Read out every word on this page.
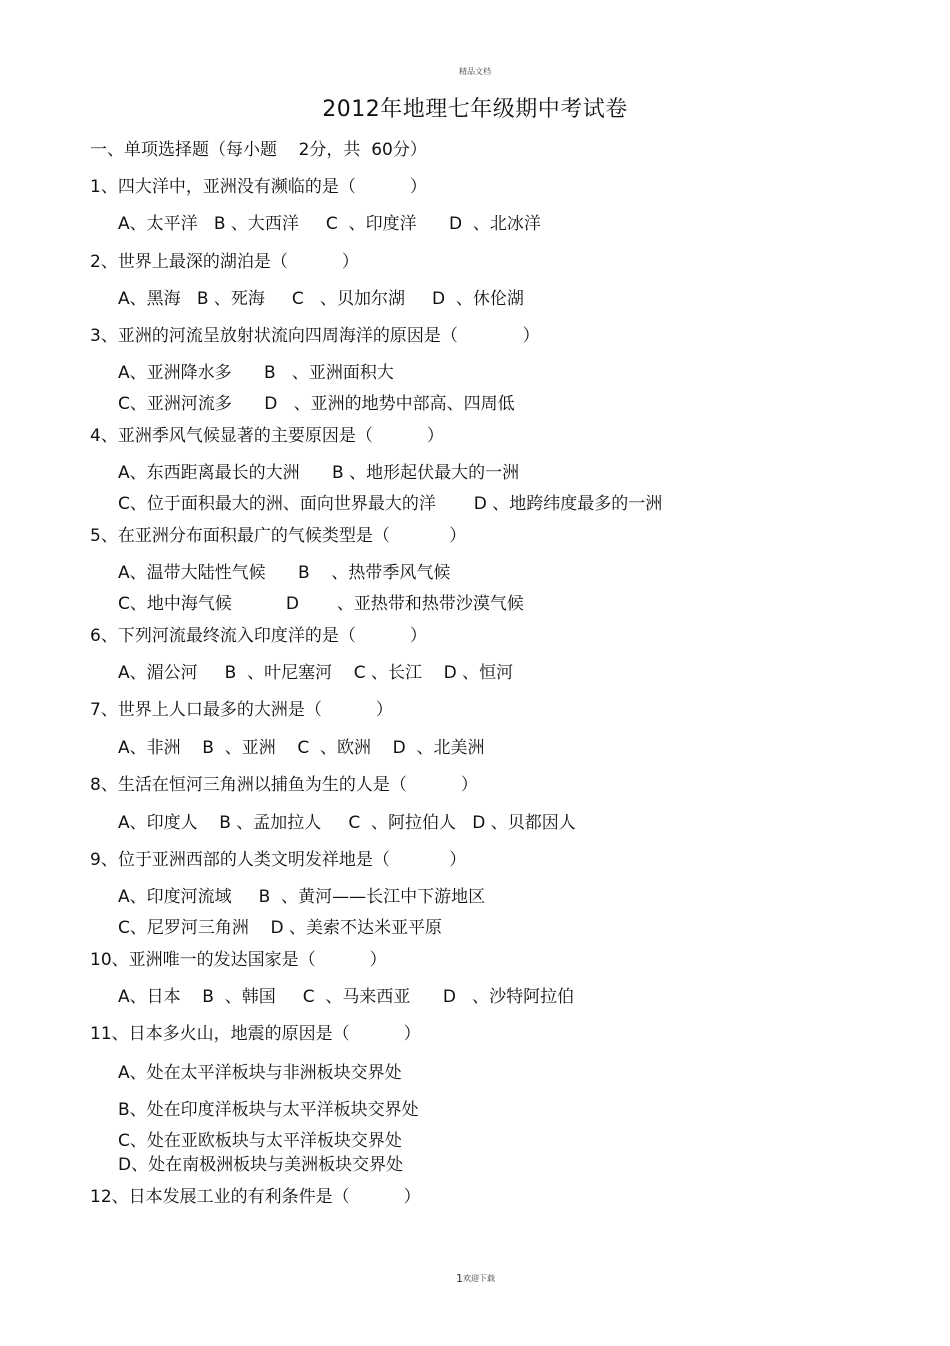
精品文档
2012年地理七年级期中考试卷
一、单项选择题（每小题    2分，共  60分）
1、四大洋中，亚洲没有濒临的是（          ）
A、太平洋   B 、大西洋     C  、印度洋      D  、北冰洋
2、世界上最深的湖泊是（          ）
A、黑海   B 、死海     C   、贝加尔湖     D  、休伦湖
3、亚洲的河流呈放射状流向四周海洋的原因是（            ）
A、亚洲降水多      B   、亚洲面积大
C、亚洲河流多      D   、亚洲的地势中部高、四周低
4、亚洲季风气候显著的主要原因是（          ）
A、东西距离最长的大洲      B 、地形起伏最大的一洲
C、位于面积最大的洲、面向世界最大的洋       D 、地跨纬度最多的一洲
5、在亚洲分布面积最广的气候类型是（           ）
A、温带大陆性气候      B    、热带季风气候
C、地中海气候          D       、亚热带和热带沙漠气候
6、下列河流最终流入印度洋的是（          ）
A、湄公河     B  、叶尼塞河    C 、长江    D 、恒河
7、世界上人口最多的大洲是（          ）
A、非洲    B  、亚洲    C  、欧洲    D  、北美洲
8、生活在恒河三角洲以捕鱼为生的人是（          ）
A、印度人    B 、孟加拉人     C  、阿拉伯人   D 、贝都因人
9、位于亚洲西部的人类文明发祥地是（           ）
A、印度河流域     B  、黄河——长江中下游地区
C、尼罗河三角洲    D 、美索不达米亚平原
10、亚洲唯一的发达国家是（          ）
A、日本    B  、韩国     C  、马来西亚      D   、沙特阿拉伯
11、日本多火山，地震的原因是（          ）
A、处在太平洋板块与非洲板块交界处
B、处在印度洋板块与太平洋板块交界处
C、处在亚欧板块与太平洋板块交界处
D、处在南极洲板块与美洲板块交界处
12、日本发展工业的有利条件是（          ）
1欢迎下载
